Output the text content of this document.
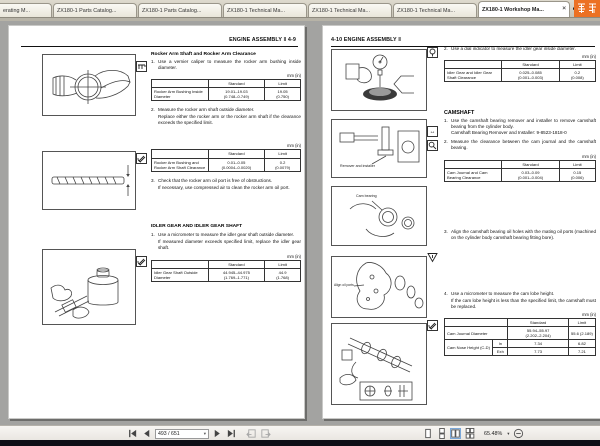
erating M...	ZX180-1 Parts Catalog...	ZX180-1 Parts Catalog...	ZX180-1 Technical Ma...	ZX180-1 Technical Ma...	ZX180-1 Technical Ma...	ZX180-1 Workshop Ma...	×
ENGINE ASSEMBLY ‖ 4-9
Rocker Arm Shaft and Rocker Arm Clearance
1. Use a vernier caliper to measure the rocker arm bushing inside diameter.
mm (in)
	Standard	Limit
Rocker Arm Bushing Inside Diameter	19.01–19.03
(0.748–0.749)	19.05
(0.750)
2. Measure the rocker arm shaft outside diameter.
Replace either the rocker arm or the rocker arm shaft if the clearance exceeds the specified limit.
mm (in)
	Standard	Limit
Rocker Arm Bushing and Rocker Arm Shaft Clearance	0.01–0.05
(0.0004–0.0020)	0.2
(0.0079)
3. Check that the rocker arm oil port is free of obstructions.
If necessary, use compressed air to clean the rocker arm oil port.
IDLER GEAR AND IDLER GEAR SHAFT
1. Use a micrometer to measure the idler gear shaft outside diameter.
If measured diameter exceeds specified limit, replace the idler gear shaft.
mm (in)
	Standard	Limit
Idler Gear Shaft Outside Diameter	44.945–44.975
(1.769–1.771)	44.9
(1.768)
4-10 ENGINE ASSEMBLY ‖
Remover and installer
↔
Cam bearing
Align oil ports
2. Use a dial indicator to measure the idler gear inside diameter.
mm (in)
	Standard	Limit
Idler Gear and Idler Gear Shaft Clearance	0.025–0.085
(0.001–0.003)	0.2
(0.008)
CAMSHAFT
1. Use the camshaft bearing remover and installer to remove camshaft bearing from the cylinder body.
Camshaft Bearing Remover and Installer: 9-8523-1818-0
2. Measure the clearance between the cam journal and the camshaft bearing.
mm (in)
	Standard	Limit
Cam Journal and Cam Bearing Clearance	0.03–0.09
(0.001–0.004)	0.15
(0.006)
3. Align the camshaft bearing oil holes with the mating oil ports (machined on the cylinder body camshaft bearing fitting bore).
4. Use a micrometer to measure the cam lobe height.
If the cam lobe height is less than the specified limit, the camshaft must be replaced.
mm (in)
		Standard	Limit
Cam Journal Diameter		55.94–55.97
(2.202–2.204)	55.6 (2.189)
Cam Nose Height (C-D)	In	7.34	6.82
	Exh	7.73	7.21
493 / 651	▾	65.48% ▾
